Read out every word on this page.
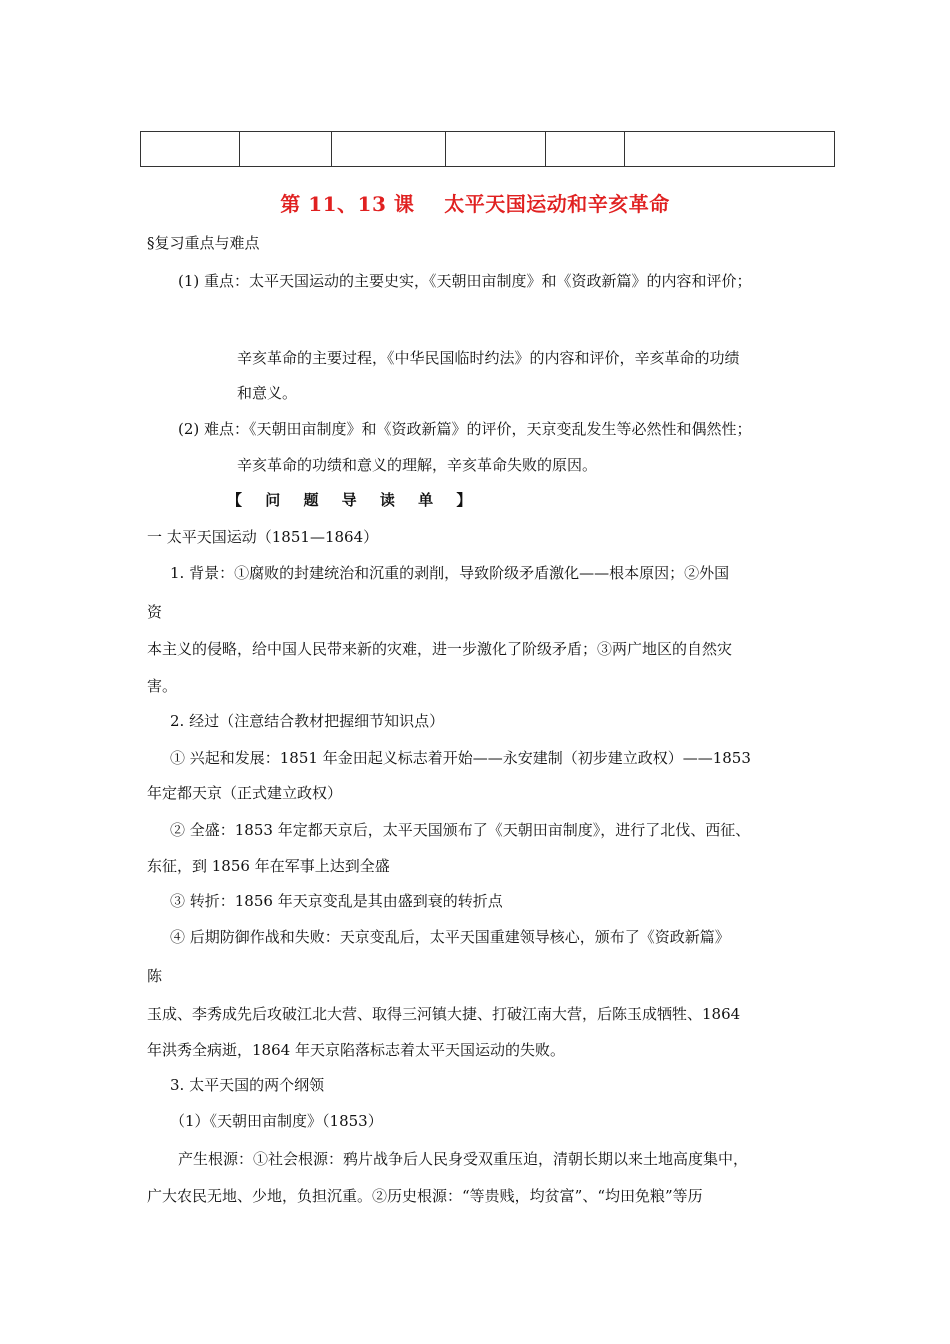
第 11、13 课    太平天国运动和辛亥革命
§复习重点与难点
(1) 重点：太平天国运动的主要史实，《天朝田亩制度》和《资政新篇》的内容和评价；
辛亥革命的主要过程，《中华民国临时约法》的内容和评价，辛亥革命的功绩
和意义。
(2) 难点：《天朝田亩制度》和《资政新篇》的评价，天京变乱发生等必然性和偶然性；
辛亥革命的功绩和意义的理解，辛亥革命失败的原因。
【 问 题 导 读 单 】
一 太平天国运动（1851—1864）
1. 背景：①腐败的封建统治和沉重的剥削，导致阶级矛盾激化——根本原因；②外国
资
本主义的侵略，给中国人民带来新的灾难，进一步激化了阶级矛盾；③两广地区的自然灾
害。
2. 经过（注意结合教材把握细节知识点）
① 兴起和发展：1851 年金田起义标志着开始——永安建制（初步建立政权）——1853
年定都天京（正式建立政权）
② 全盛：1853 年定都天京后，太平天国颁布了《天朝田亩制度》，进行了北伐、西征、
东征，到 1856 年在军事上达到全盛
③ 转折：1856 年天京变乱是其由盛到衰的转折点
④ 后期防御作战和失败：天京变乱后，太平天国重建领导核心，颁布了《资政新篇》
陈
玉成、李秀成先后攻破江北大营、取得三河镇大捷、打破江南大营，后陈玉成牺牲、1864
年洪秀全病逝，1864 年天京陷落标志着太平天国运动的失败。
3. 太平天国的两个纲领
（1）《天朝田亩制度》（1853）
产生根源：①社会根源：鸦片战争后人民身受双重压迫，清朝长期以来土地高度集中，
广大农民无地、少地，负担沉重。②历史根源：“等贵贱，均贫富”、“均田免粮”等历
